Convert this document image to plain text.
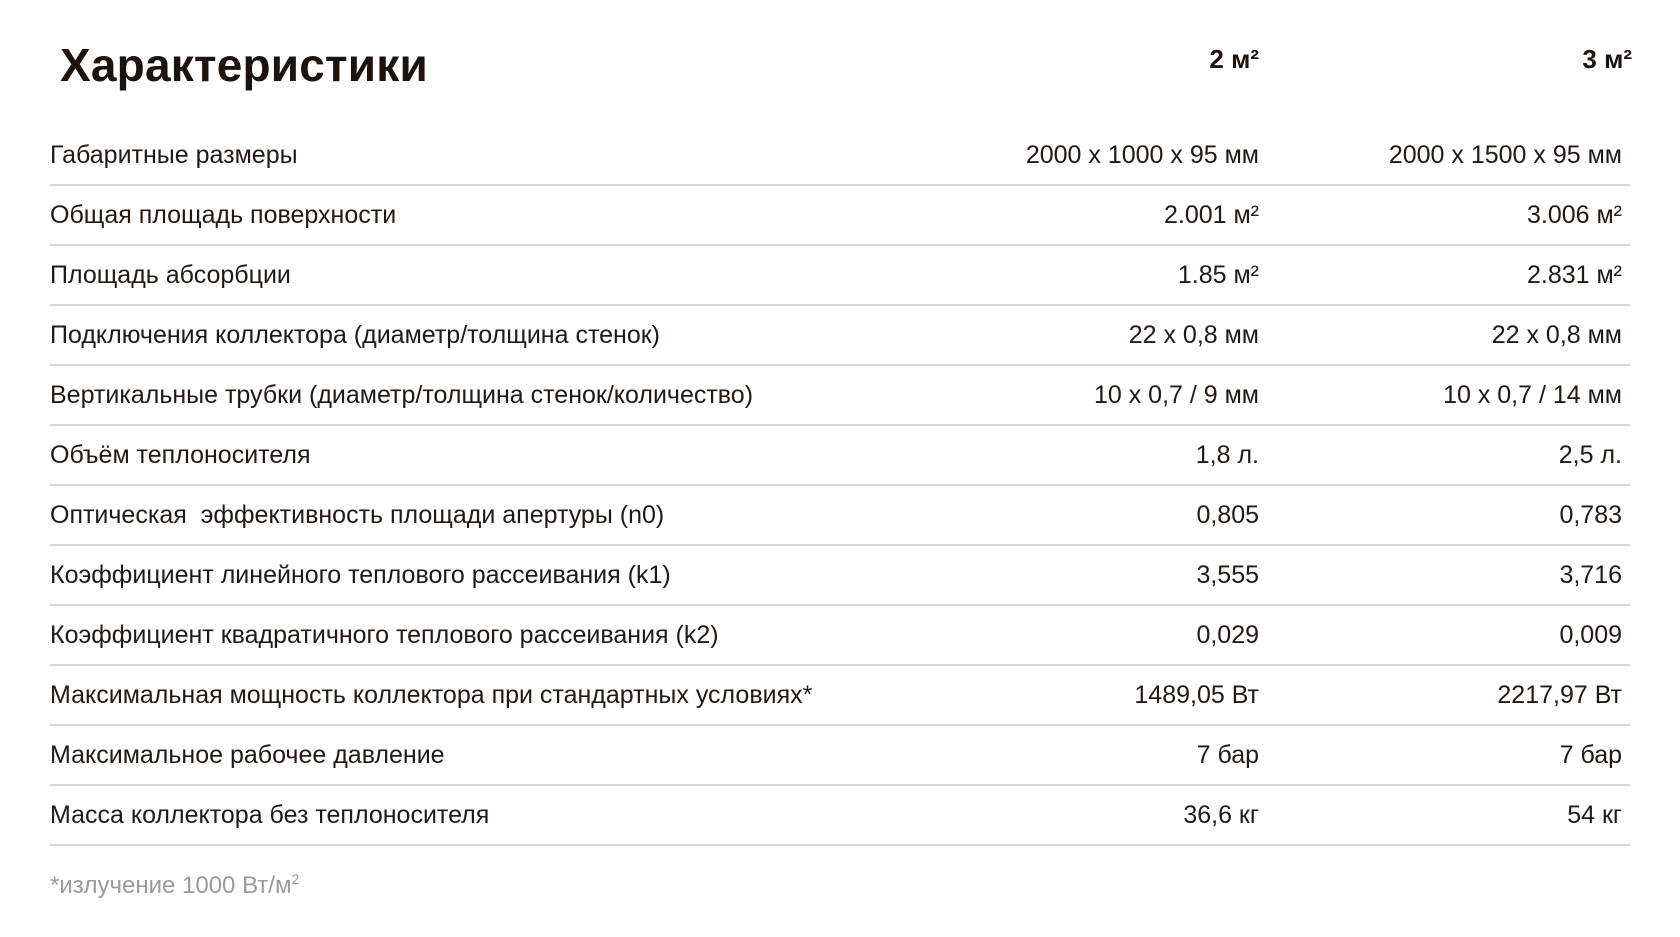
Характеристики	2 м²	3 м²
Габаритные размеры	2000 x 1000 x 95 мм	2000 x 1500 x 95 мм
Общая площадь поверхности	2.001 м²	3.006 м²
Площадь абсорбции	1.85 м²	2.831 м²
Подключения коллектора (диаметр/толщина стенок)	22 x 0,8 мм	22 x 0,8 мм
Вертикальные трубки (диаметр/толщина стенок/количество)	10 x 0,7 / 9 мм	10 x 0,7 / 14 мм
Объём теплоносителя	1,8 л.	2,5 л.
Оптическая  эффективность площади апертуры (n0)	0,805	0,783
Коэффициент линейного теплового рассеивания (k1)	3,555	3,716
Коэффициент квадратичного теплового рассеивания (k2)	0,029	0,009
Максимальная мощность коллектора при стандартных условиях*	1489,05 Вт	2217,97 Вт
Максимальное рабочее давление	7 бар	7 бар
Масса коллектора без теплоносителя	36,6 кг	54 кг
*излучение 1000 $Вт/м^2$
